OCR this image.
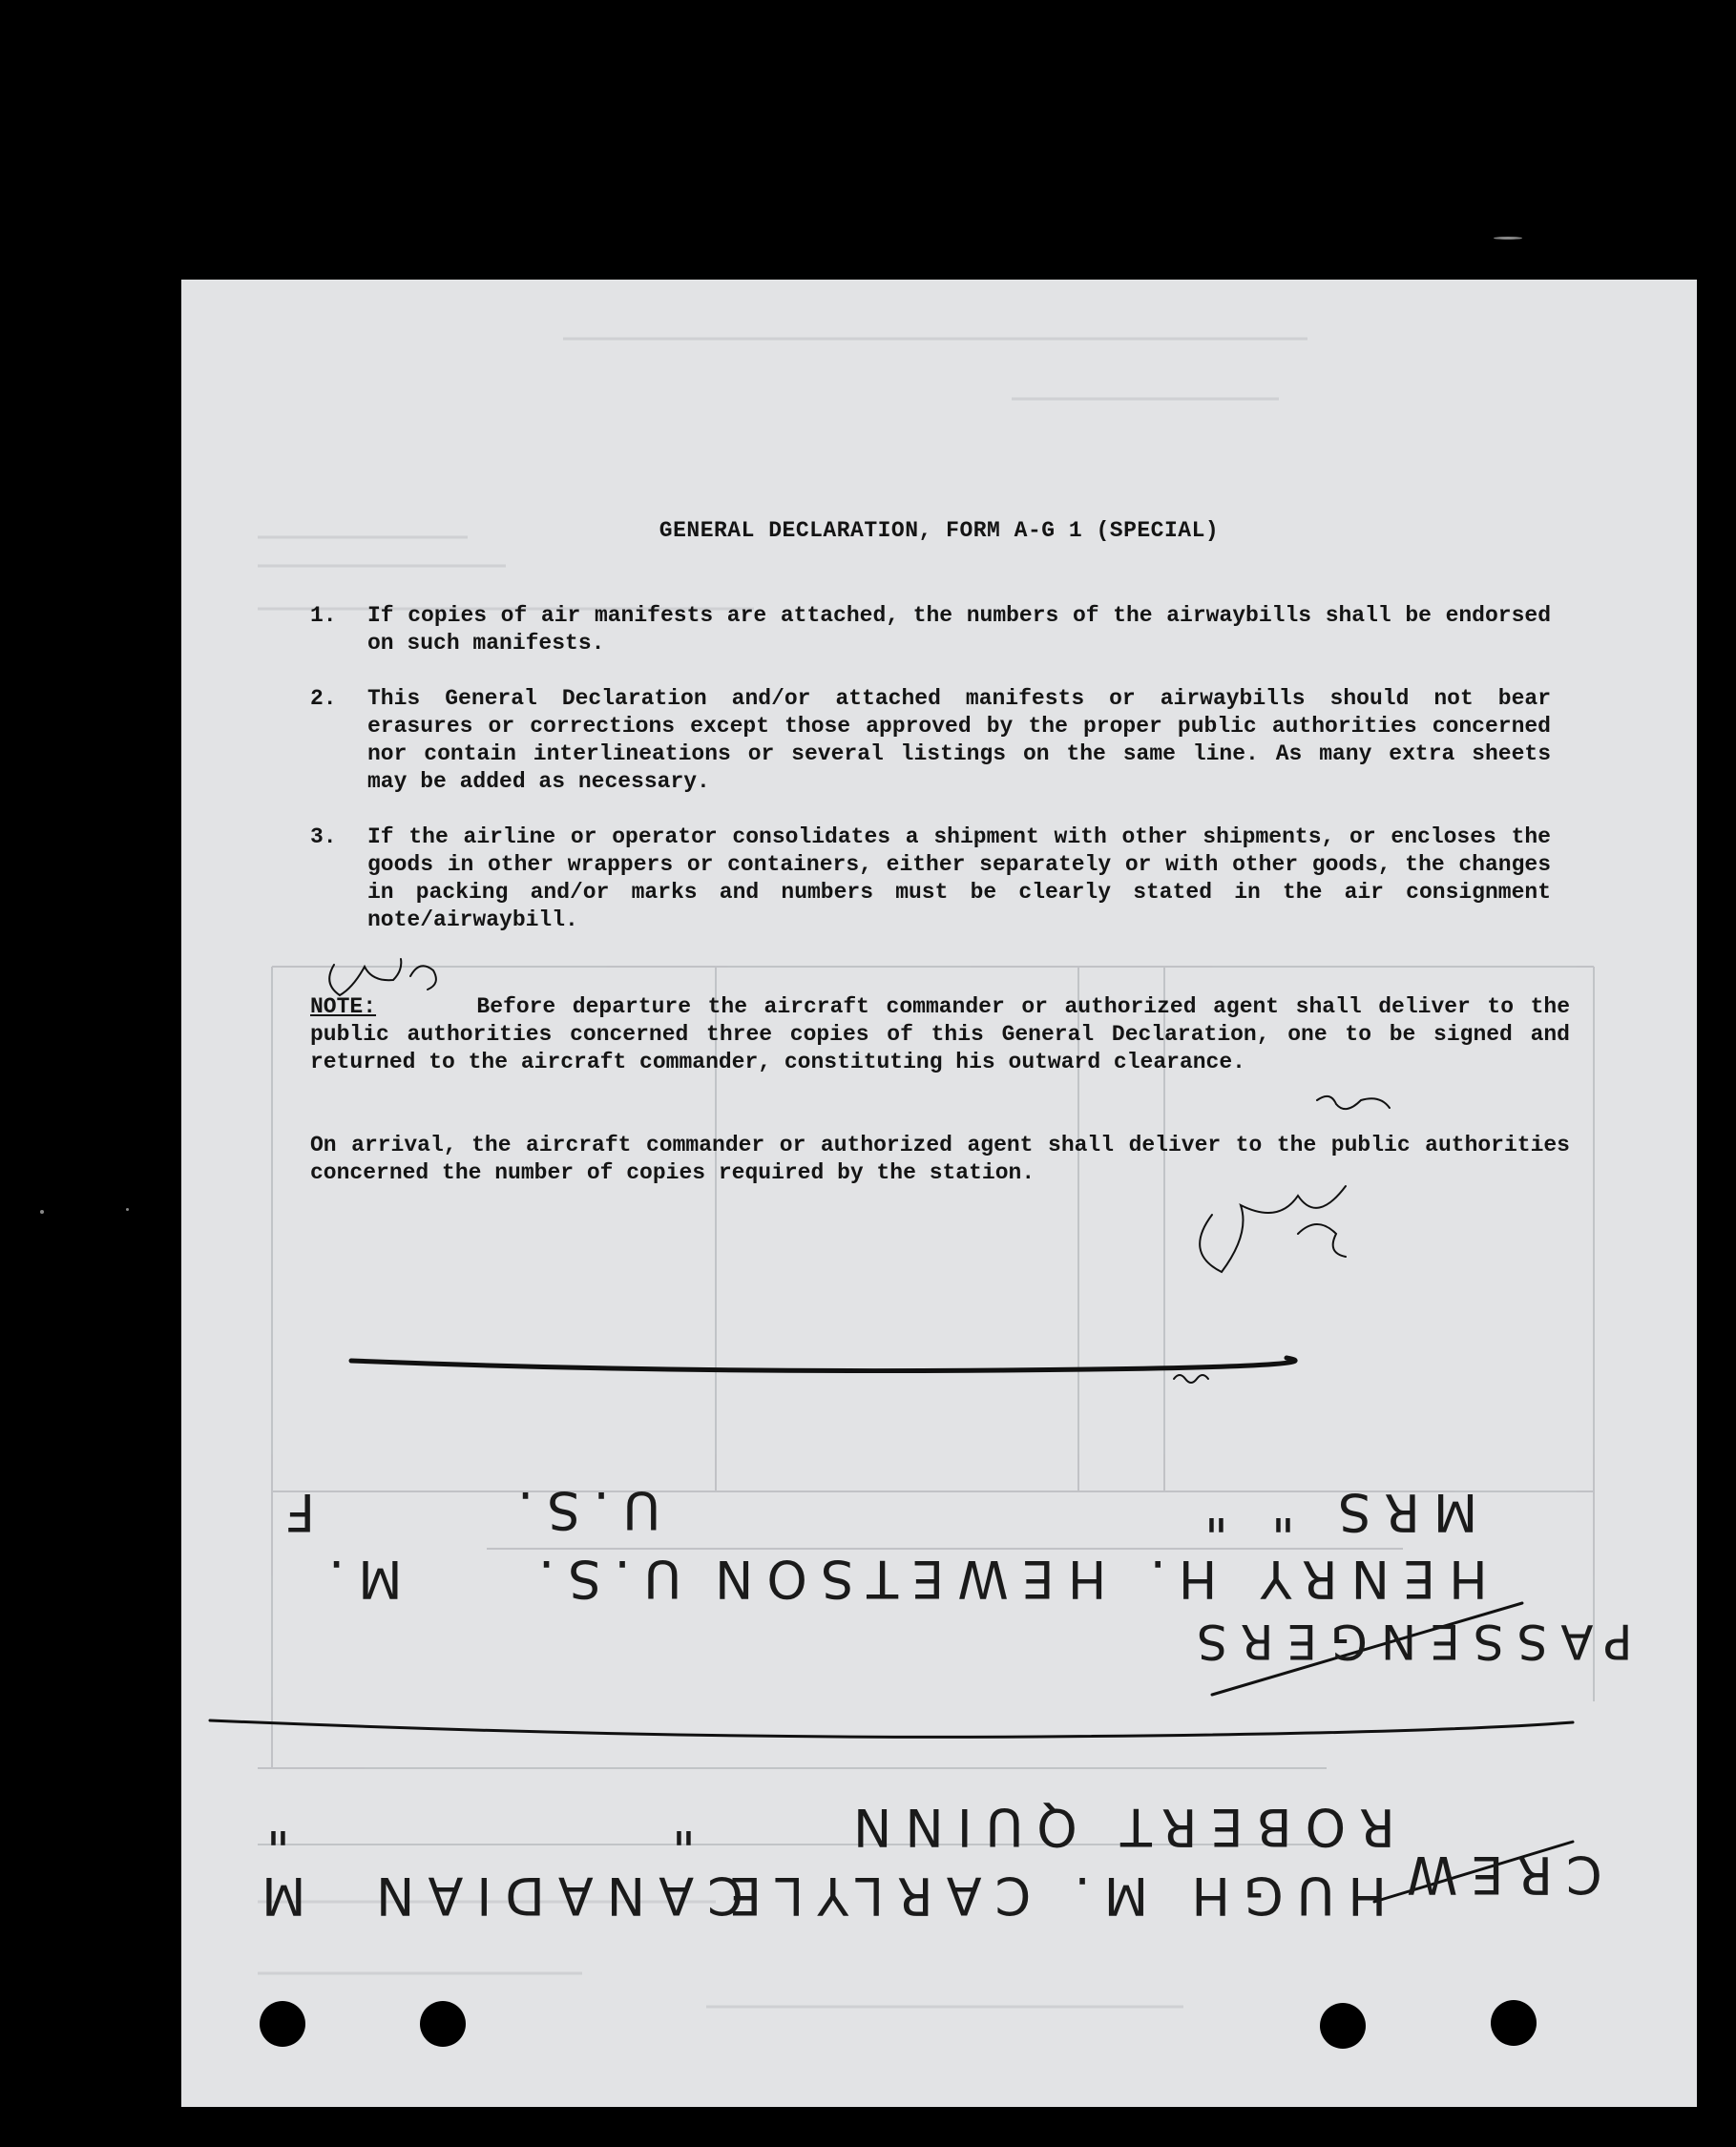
GENERAL DECLARATION, FORM A-G 1 (SPECIAL)
1. If copies of air manifests are attached, the numbers of the airwaybills shall be endorsed on such manifests.
2. This General Declaration and/or attached manifests or airwaybills should not bear erasures or corrections except those approved by the proper public authorities concerned nor contain interlineations or several listings on the same line. As many extra sheets may be added as necessary.
3. If the airline or operator consolidates a shipment with other shipments, or encloses the goods in other wrappers or containers, either separately or with other goods, the changes in packing and/or marks and numbers must be clearly stated in the air consignment note/airwaybill.
NOTE:	Before departure the aircraft commander or authorized agent shall deliver to the public authorities concerned three copies of this General Declaration, one to be signed and returned to the aircraft commander, constituting his outward clearance.
On arrival, the aircraft commander or authorized agent shall deliver to the public authorities concerned the number of copies required by the station.
PASSENGERS
HENRY H. HEWETSON
U.S.
M.
MRS " "
U.S.
F
CREW
HUGH M. CARLYLE
CANADIAN
M
ROBERT QUINN
"
"
